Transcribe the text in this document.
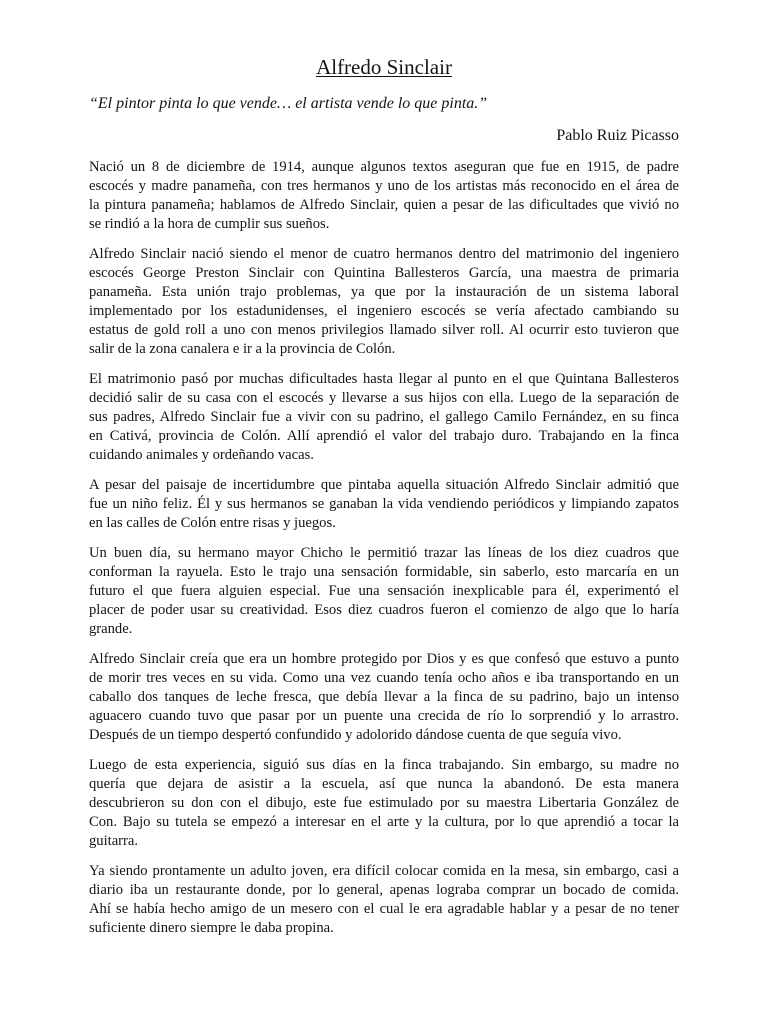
Alfredo Sinclair
“El pintor pinta lo que vende… el artista vende lo que pinta.”
Pablo Ruiz Picasso
Nació un 8 de diciembre de 1914, aunque algunos textos aseguran que fue en 1915, de padre
escocés y madre panameña, con tres hermanos y uno de los artistas más reconocido en el área de
la pintura panameña; hablamos de Alfredo Sinclair, quien a pesar de las dificultades que vivió no
se rindió a la hora de cumplir sus sueños.
Alfredo Sinclair nació siendo el menor de cuatro hermanos dentro del matrimonio del ingeniero
escocés George Preston Sinclair con Quintina Ballesteros García, una maestra de primaria
panameña. Esta unión trajo problemas, ya que por la instauración de un sistema laboral
implementado por los estadunidenses, el ingeniero escocés se vería afectado cambiando su
estatus de gold roll a uno con menos privilegios llamado silver roll. Al ocurrir esto tuvieron que
salir de la zona canalera e ir a la provincia de Colón.
El matrimonio pasó por muchas dificultades hasta llegar al punto en el que Quintana Ballesteros
decidió salir de su casa con el escocés y llevarse a sus hijos con ella. Luego de la separación de
sus padres, Alfredo Sinclair fue a vivir con su padrino, el gallego Camilo Fernández, en su finca
en Cativá, provincia de Colón. Allí aprendió el valor del trabajo duro. Trabajando en la finca
cuidando animales y ordeñando vacas.
A pesar del paisaje de incertidumbre que pintaba aquella situación Alfredo Sinclair admitió que
fue un niño feliz. Él y sus hermanos se ganaban la vida vendiendo periódicos y limpiando zapatos
en las calles de Colón entre risas y juegos.
Un buen día, su hermano mayor Chicho le permitió trazar las líneas de los diez cuadros que
conforman la rayuela. Esto le trajo una sensación formidable, sin saberlo, esto marcaría en un
futuro el que fuera alguien especial. Fue una sensación inexplicable para él, experimentó el
placer de poder usar su creatividad. Esos diez cuadros fueron el comienzo de algo que lo haría
grande.
Alfredo Sinclair creía que era un hombre protegido por Dios y es que confesó que estuvo a punto
de morir tres veces en su vida. Como una vez cuando tenía ocho años e iba transportando en un
caballo dos tanques de leche fresca, que debía llevar a la finca de su padrino, bajo un intenso
aguacero cuando tuvo que pasar por un puente una crecida de río lo sorprendió y lo arrastro.
Después de un tiempo despertó confundido y adolorido dándose cuenta de que seguía vivo.
Luego de esta experiencia, siguió sus días en la finca trabajando. Sin embargo, su madre no
quería que dejara de asistir a la escuela, así que nunca la abandonó. De esta manera
descubrieron su don con el dibujo, este fue estimulado por su maestra Libertaria González de
Con. Bajo su tutela se empezó a interesar en el arte y la cultura, por lo que aprendió a tocar la
guitarra.
Ya siendo prontamente un adulto joven, era difícil colocar comida en la mesa, sin embargo, casi a
diario iba un restaurante donde, por lo general, apenas lograba comprar un bocado de comida.
Ahí se había hecho amigo de un mesero con el cual le era agradable hablar y a pesar de no tener
suficiente dinero siempre le daba propina.
